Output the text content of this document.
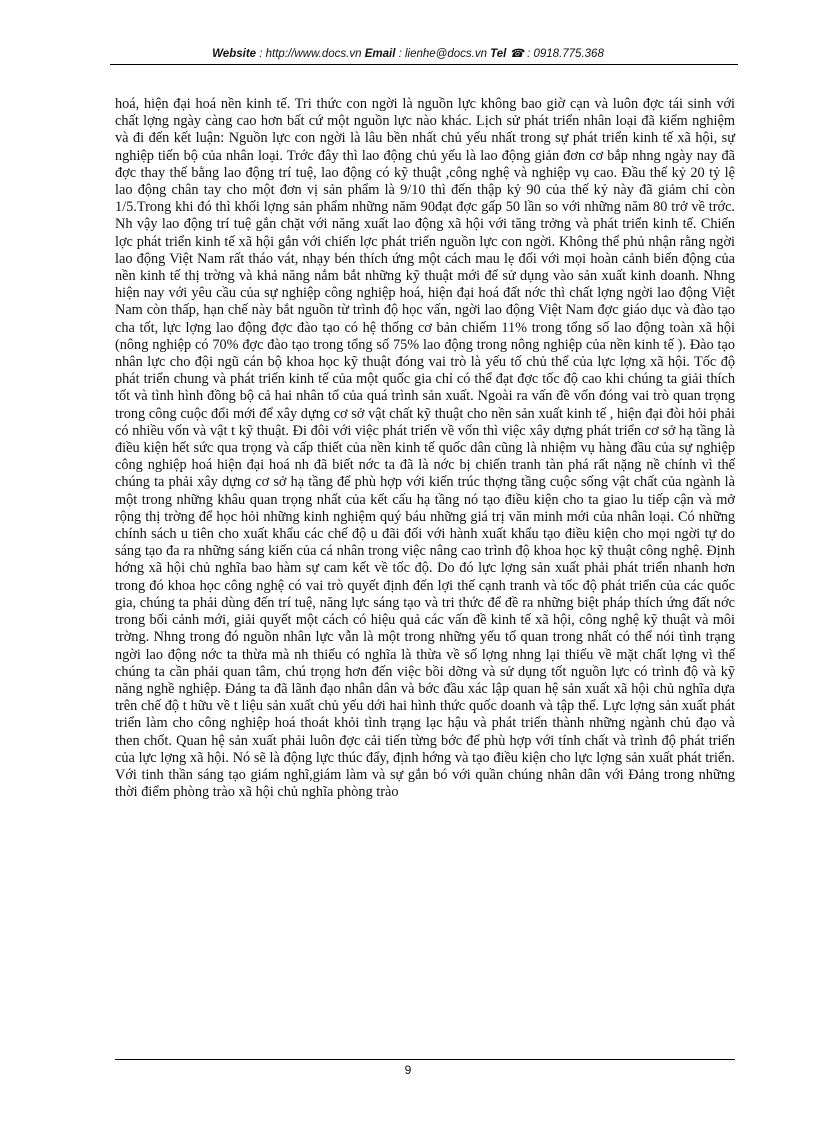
Website : http://www.docs.vn Email : lienhe@docs.vn Tel ☎ : 0918.775.368

hoá, hiện đại hoá nền kinh tế. Tri thức con ngời là nguồn lực không bao giờ cạn và luôn đợc tái sinh với chất lợng ngày càng cao hơn bất cứ một nguồn lực nào khác. Lịch sử phát triển nhân loại đã kiểm nghiệm và đi đến kết luận: Nguồn lực con ngời là lâu bền nhất chủ yếu nhất trong sự phát triển kinh tế xã hội, sự nghiệp tiến bộ của nhân loại. Trớc đây thì lao động chủ yếu là lao động giản đơn cơ bắp nhng ngày nay đã đợc thay thế bằng lao động trí tuệ, lao động có kỹ thuật ,công nghệ và nghiệp vụ cao. Đầu thế kỷ 20 tỷ lệ lao động chân tay cho một đơn vị sản phẩm là 9/10 thì đến thập kỷ 90 của thế kỷ này đã giảm chỉ còn 1/5.Trong khi đó thì khối lợng sản phẩm những năm 90đạt đợc gấp 50 lần so với những năm 80 trở về trớc. Nh vậy lao động trí tuệ gắn chặt với năng xuất lao động xã hội với tăng trởng và phát triển kinh tế. Chiến lợc phát triển kinh tế xã hội gắn với chiến lợc phát triển nguồn lực con ngời. Không thể phủ nhận rằng ngời lao động Việt Nam rất tháo vát, nhạy bén thích ứng một cách mau lẹ đối với mọi hoàn cảnh biến động của nền kinh tế thị trờng và khả năng nắm bắt những kỹ thuật mới để sử dụng vào sản xuất kinh doanh. Nhng hiện nay với yêu cầu của sự nghiệp công nghiệp hoá, hiện đại hoá đất nớc thì chất lợng ngời lao động Việt Nam còn thấp, hạn chế này bắt nguồn từ trình độ học vấn, ngời lao động Việt Nam đợc giáo dục và đào tạo cha tốt, lực lợng lao động đợc đào tạo có hệ thống cơ bản chiếm 11% trong tổng số lao động toàn xã hội (nông nghiệp có 70% đợc đào tạo trong tổng số 75% lao động trong nông nghiệp của nền kinh tế ). Đào tạo nhân lực cho đội ngũ cán bộ khoa học kỹ thuật đóng vai trò là yếu tố chủ thể của lực lợng xã hội. Tốc độ phát triển chung và phát triển kinh tế của một quốc gia chỉ có thể đạt đợc tốc độ cao khi chúng ta giải thích tốt và tình hình đồng bộ cả hai nhân tố của quá trình sản xuất. Ngoài ra vấn đề vốn đóng vai trò quan trọng trong công cuộc đổi mới để xây dựng cơ sở vật chất kỹ thuật cho nền sản xuất kinh tế , hiện đại đòi hỏi phải có nhiều vốn và vật t kỹ thuật. Đi đôi với việc phát triển về vốn thì việc xây dựng phát triển cơ sở hạ tầng là điều kiện hết sức qua trọng và cấp thiết của nền kinh tế quốc dân cũng là nhiệm vụ hàng đầu của sự nghiệp công nghiệp hoá hiện đại hoá nh đã biết nớc ta đã là nớc bị chiến tranh tàn phá rất nặng nề chính vì thế chúng ta phải xây dựng cơ sở hạ tầng để phù hợp với kiến trúc thợng tầng cuộc sống vật chất của ngành là một trong những khâu quan trọng nhất của kết cấu hạ tầng nó tạo điều kiện cho ta giao lu tiếp cận và mở rộng thị trờng để học hỏi những kinh nghiệm quý báu những giá trị văn minh mới của nhân loại. Có những chính sách u tiên cho xuất khẩu các chế độ u đãi đối với hành xuất khẩu tạo điều kiện cho mọi ngời tự do sáng tạo đa ra những sáng kiến của cá nhân trong việc nâng cao trình độ khoa học kỹ thuật công nghệ. Định hớng xã hội chủ nghĩa bao hàm sự cam kết về tốc độ. Do đó lực lợng sản xuất phải phát triển nhanh hơn trong đó khoa học công nghệ có vai trò quyết định đến lợi thế cạnh tranh và tốc độ phát triển của các quốc gia, chúng ta phải dùng đến trí tuệ, năng lực sáng tạo và tri thức để đề ra những biệt pháp thích ứng đất nớc trong bối cảnh mới, giải quyết một cách có hiệu quả các vấn đề kinh tế xã hội, công nghệ kỹ thuật và môi trờng. Nhng trong đó nguồn nhân lực vẫn là một trong những yếu tố quan trong nhất có thể nói tình trạng ngời lao động nớc ta thừa mà nh thiếu có nghĩa là thừa về số lợng nhng lại thiếu về mặt chất lợng vì thế chúng ta cần phải quan tâm, chú trọng hơn đến việc bồi dỡng và sử dụng tốt nguồn lực có trình độ và kỹ năng nghề nghiệp. Đảng ta đã lãnh đạo nhân dân và bớc đầu xác lập quan hệ sản xuất xã hội chủ nghĩa dựa trên chế độ t hữu về t liệu sản xuất chủ yếu dới hai hình thức quốc doanh và tập thể. Lực lợng sản xuất phát triển làm cho công nghiệp hoá thoát khỏi tình trạng lạc hậu và phát triển thành những ngành chủ đạo và then chốt. Quan hệ sản xuất phải luôn đợc cải tiến từng bớc để phù hợp với tính chất và trình độ phát triển của lực lợng xã hội. Nó sẽ là động lực thúc đẩy, định hớng và tạo điều kiện cho lực lợng sản xuất phát triển. Với tinh thần sáng tạo giám nghĩ,giám làm và sự gắn bó với quần chúng nhân dân với Đảng trong những thời điểm phòng trào xã hội chủ nghĩa phòng trào

9
